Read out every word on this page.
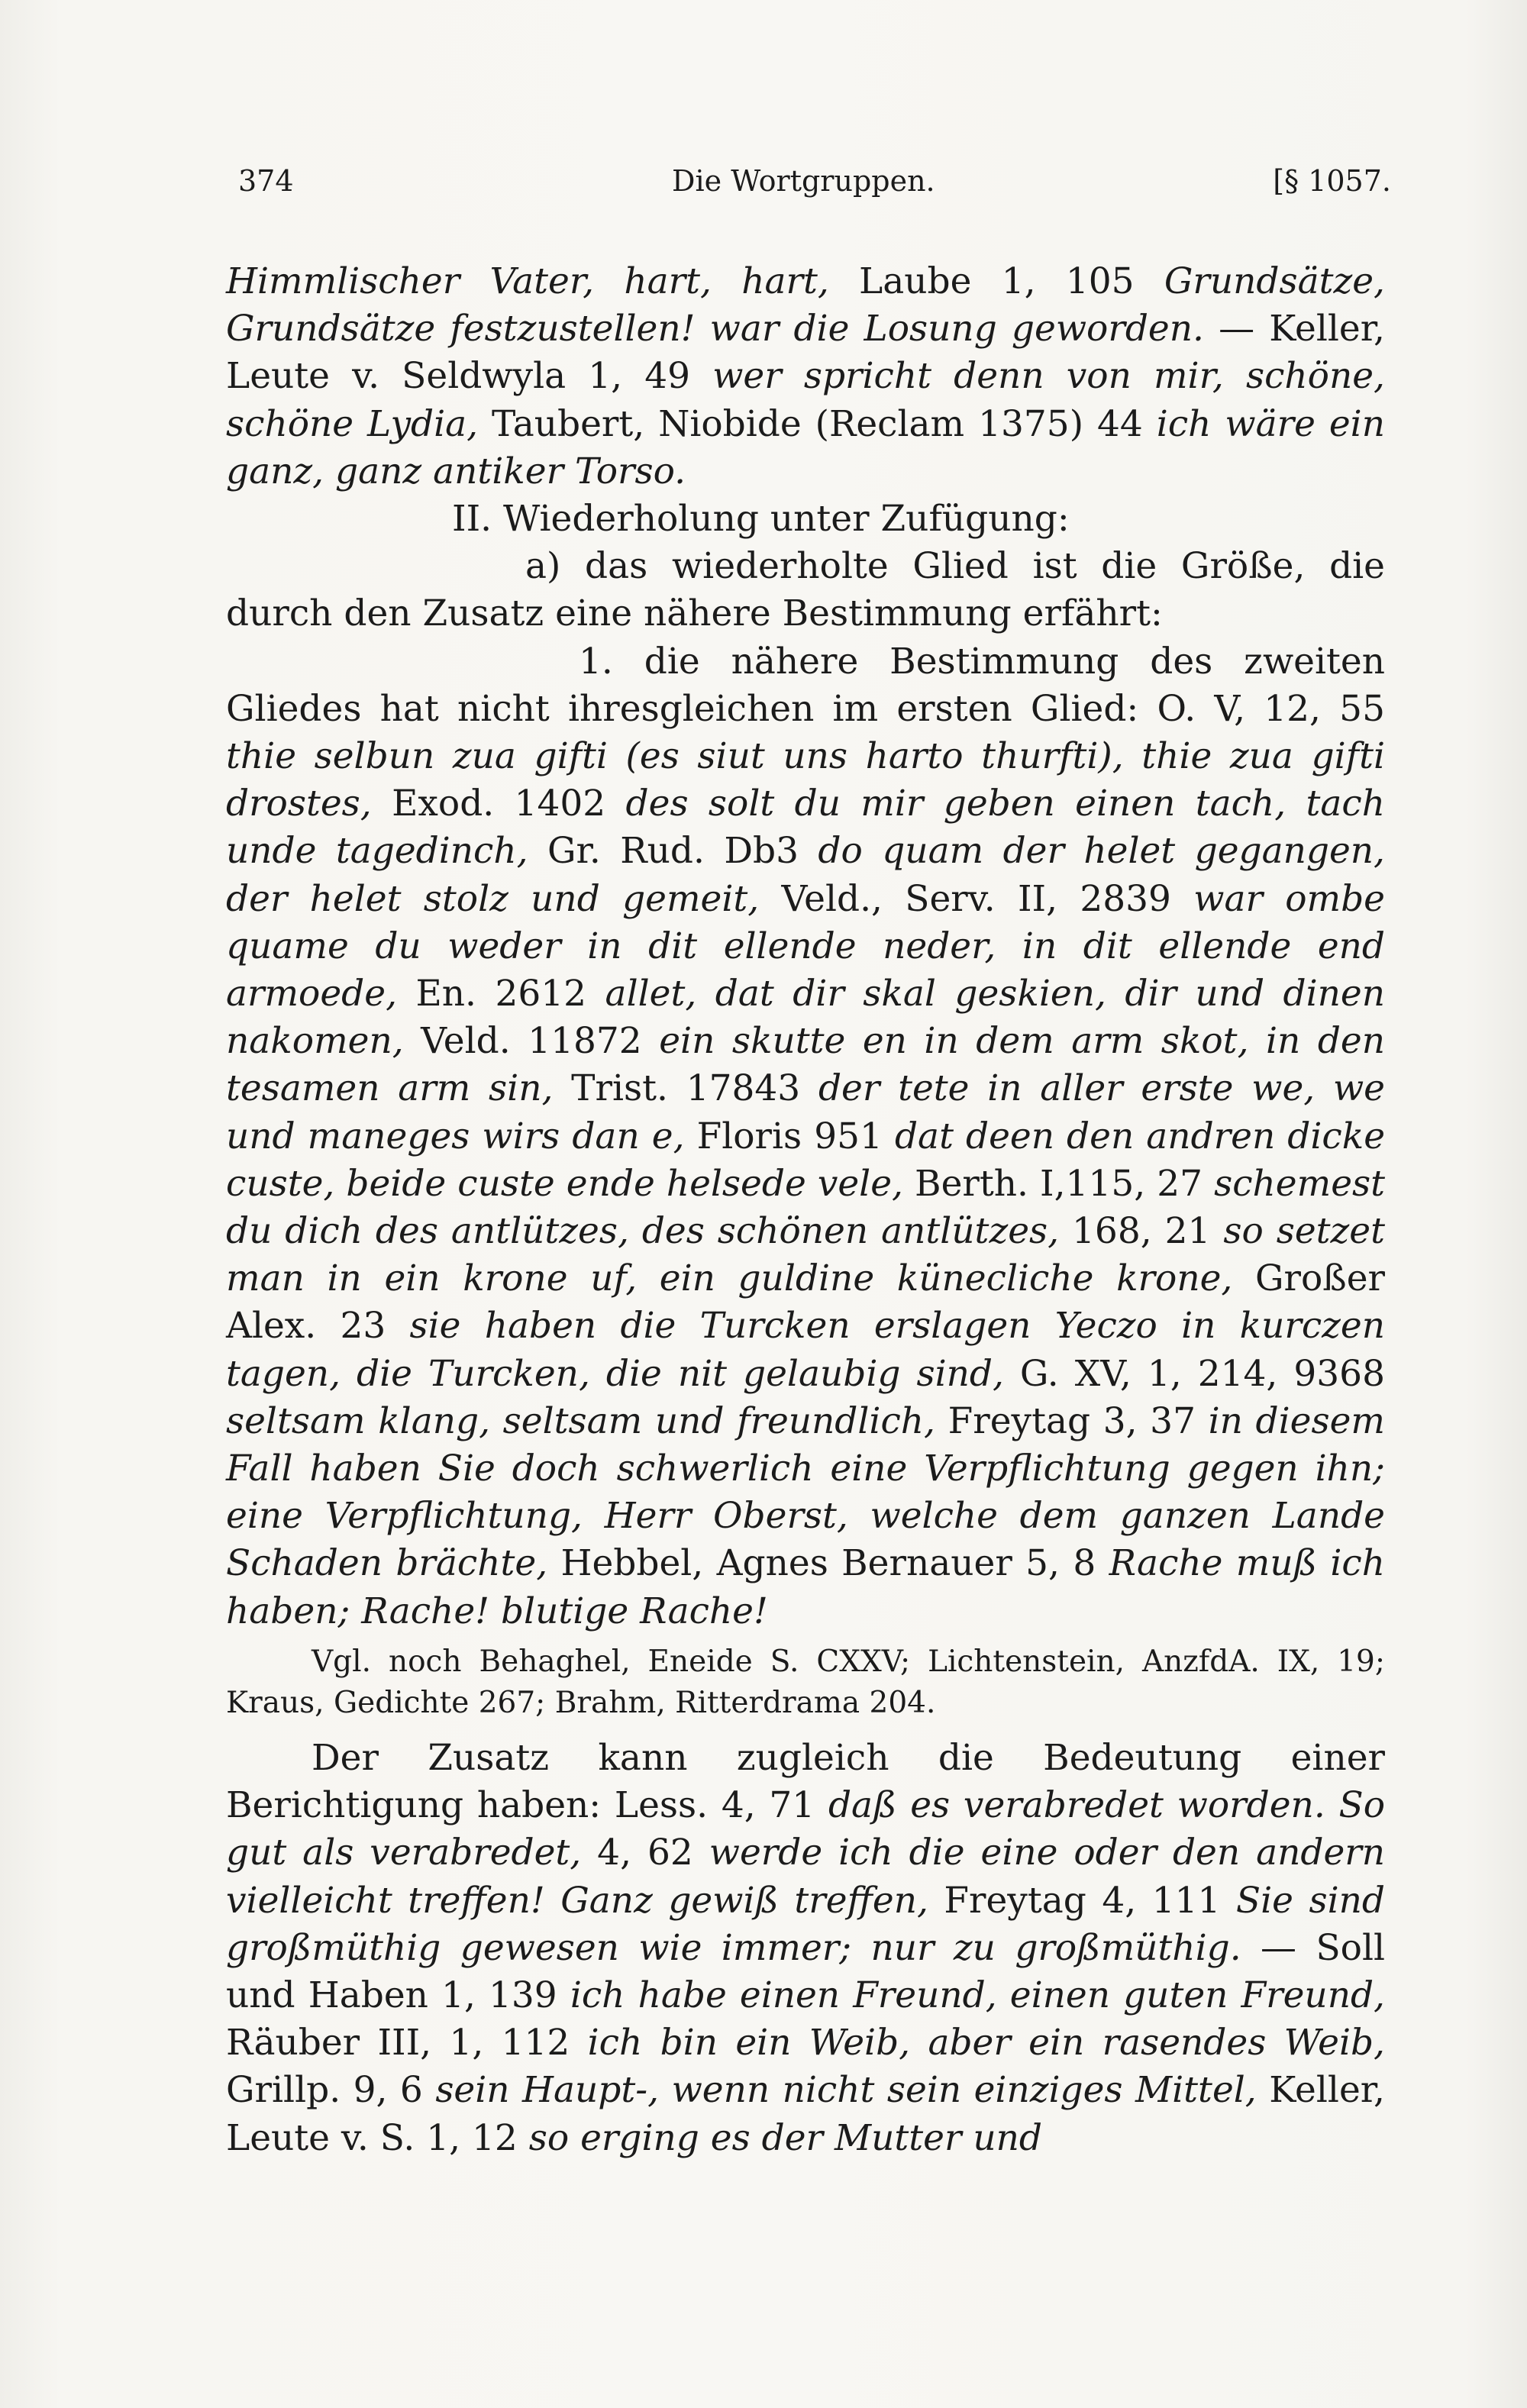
374	Die Wortgruppen.	[§ 1057.

Himmlischer Vater, hart, hart, Laube 1, 105 Grundsätze, Grundsätze festzustellen! war die Losung geworden. — Keller, Leute v. Seldwyla 1, 49 wer spricht denn von mir, schöne, schöne Lydia, Taubert, Niobide (Reclam 1375) 44 ich wäre ein ganz, ganz antiker Torso.

II. Wiederholung unter Zufügung:

a) das wiederholte Glied ist die Größe, die durch den Zusatz eine nähere Bestimmung erfährt:

1. die nähere Bestimmung des zweiten Gliedes hat nicht ihresgleichen im ersten Glied: O. V, 12, 55 thie selbun zua gifti (es siut uns harto thurfti), thie zua gifti drostes, Exod. 1402 des solt du mir geben einen tach, tach unde tagedinch, Gr. Rud. Db3 do quam der helet gegangen, der helet stolz und gemeit, Veld., Serv. II, 2839 war ombe quame du weder in dit ellende neder, in dit ellende end armoede, En. 2612 allet, dat dir skal geskien, dir und dinen nakomen, Veld. 11872 ein skutte en in dem arm skot, in den tesamen arm sin, Trist. 17843 der tete in aller erste we, we und maneges wirs dan e, Floris 951 dat deen den andren dicke custe, beide custe ende helsede vele, Berth. I,115, 27 schemest du dich des antlützes, des schönen antlützes, 168, 21 so setzet man in ein krone uf, ein guldine künecliche krone, Großer Alex. 23 sie haben die Turcken erslagen Yeczo in kurczen tagen, die Turcken, die nit gelaubig sind, G. XV, 1, 214, 9368 seltsam klang, seltsam und freundlich, Freytag 3, 37 in diesem Fall haben Sie doch schwerlich eine Verpflichtung gegen ihn; eine Verpflichtung, Herr Oberst, welche dem ganzen Lande Schaden brächte, Hebbel, Agnes Bernauer 5, 8 Rache muß ich haben; Rache! blutige Rache!

Vgl. noch Behaghel, Eneide S. CXXV; Lichtenstein, AnzfdA. IX, 19; Kraus, Gedichte 267; Brahm, Ritterdrama 204.

Der Zusatz kann zugleich die Bedeutung einer Berichtigung haben: Less. 4, 71 daß es verabredet worden. So gut als verabredet, 4, 62 werde ich die eine oder den andern vielleicht treffen! Ganz gewiß treffen, Freytag 4, 111 Sie sind großmüthig gewesen wie immer; nur zu großmüthig. — Soll und Haben 1, 139 ich habe einen Freund, einen guten Freund, Räuber III, 1, 112 ich bin ein Weib, aber ein rasendes Weib, Grillp. 9, 6 sein Haupt-, wenn nicht sein einziges Mittel, Keller, Leute v. S. 1, 12 so erging es der Mutter und
